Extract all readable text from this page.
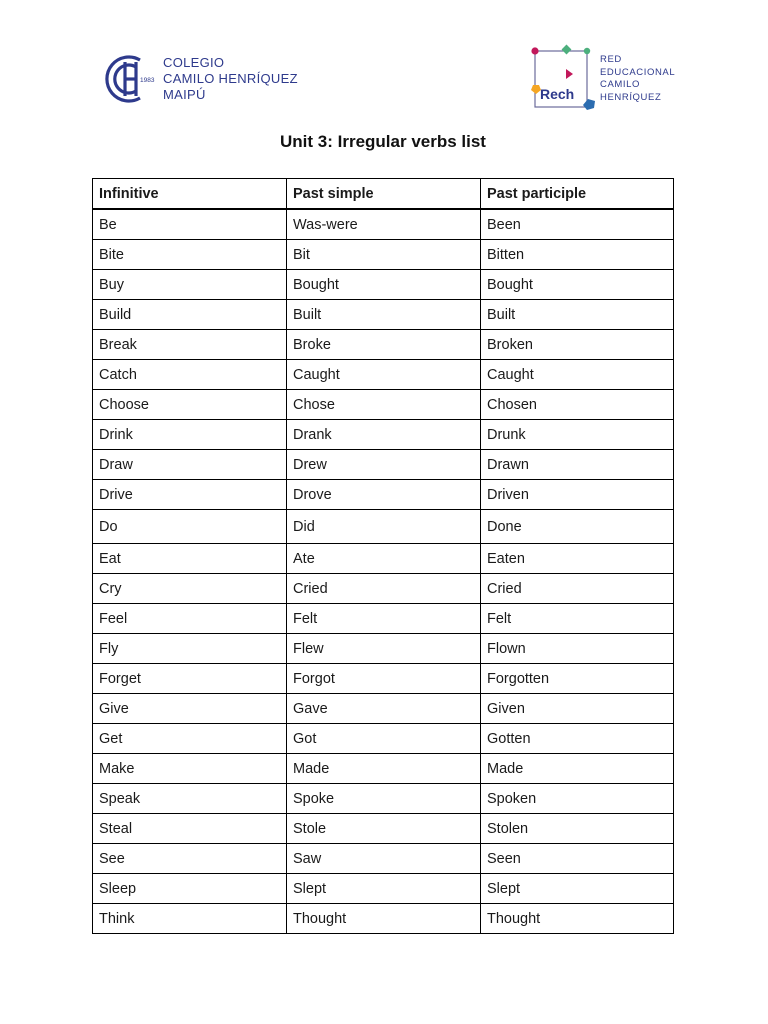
1983
COLEGIO
CAMILO HENRÍQUEZ
MAIPÚ	Rech
RED
EDUCACIONAL
CAMILO
HENRÍQUEZ
Unit 3: Irregular verbs list
Infinitive	Past simple	Past participle
Be	Was-were	Been
Bite	Bit	Bitten
Buy	Bought	Bought
Build	Built	Built
Break	Broke	Broken
Catch	Caught	Caught
Choose	Chose	Chosen
Drink	Drank	Drunk
Draw	Drew	Drawn
Drive	Drove	Driven
Do	Did	Done
Eat	Ate	Eaten
Cry	Cried	Cried
Feel	Felt	Felt
Fly	Flew	Flown
Forget	Forgot	Forgotten
Give	Gave	Given
Get	Got	Gotten
Make	Made	Made
Speak	Spoke	Spoken
Steal	Stole	Stolen
See	Saw	Seen
Sleep	Slept	Slept
Think	Thought	Thought
